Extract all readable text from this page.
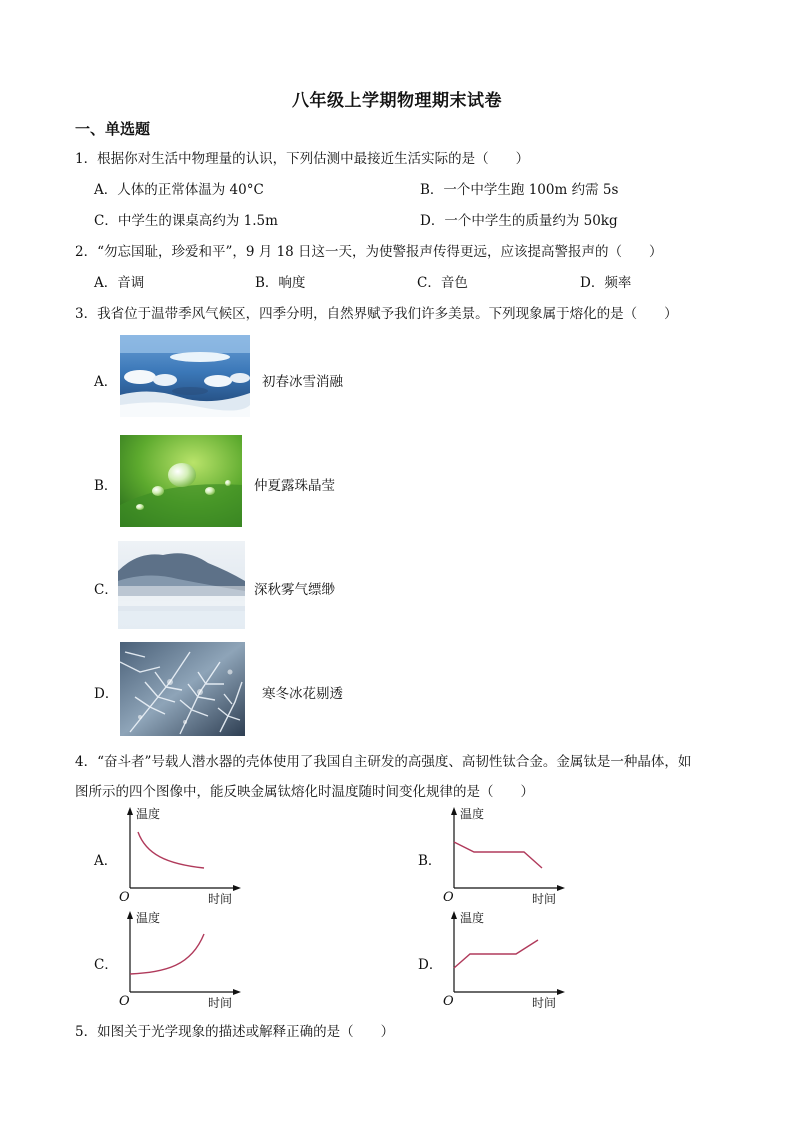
八年级上学期物理期末试卷
一、单选题
1．根据你对生活中物理量的认识，下列估测中最接近生活实际的是（　　）
A．人体的正常体温为 40°C	B．一个中学生跑 100m 约需 5s
C．中学生的课桌高约为 1.5m	D．一个中学生的质量约为 50kg
2．“勿忘国耻，珍爱和平”，9 月 18 日这一天，为使警报声传得更远，应该提高警报声的（　　）
A．音调	B．响度	C．音色	D．频率
3．我省位于温带季风气候区，四季分明，自然界赋予我们许多美景。下列现象属于熔化的是（　　）
A．	初春冰雪消融
B．	仲夏露珠晶莹
C．	深秋雾气缥缈
D．	寒冬冰花剔透
4．“奋斗者”号载人潜水器的壳体使用了我国自主研发的高强度、高韧性钛合金。金属钛是一种晶体，如
图所示的四个图像中，能反映金属钛熔化时温度随时间变化规律的是（　　）
A．	B．
C．	D．
温度
时间
O
温度
时间
O
温度
时间
O
温度
时间
O
5．如图关于光学现象的描述或解释正确的是（　　）
